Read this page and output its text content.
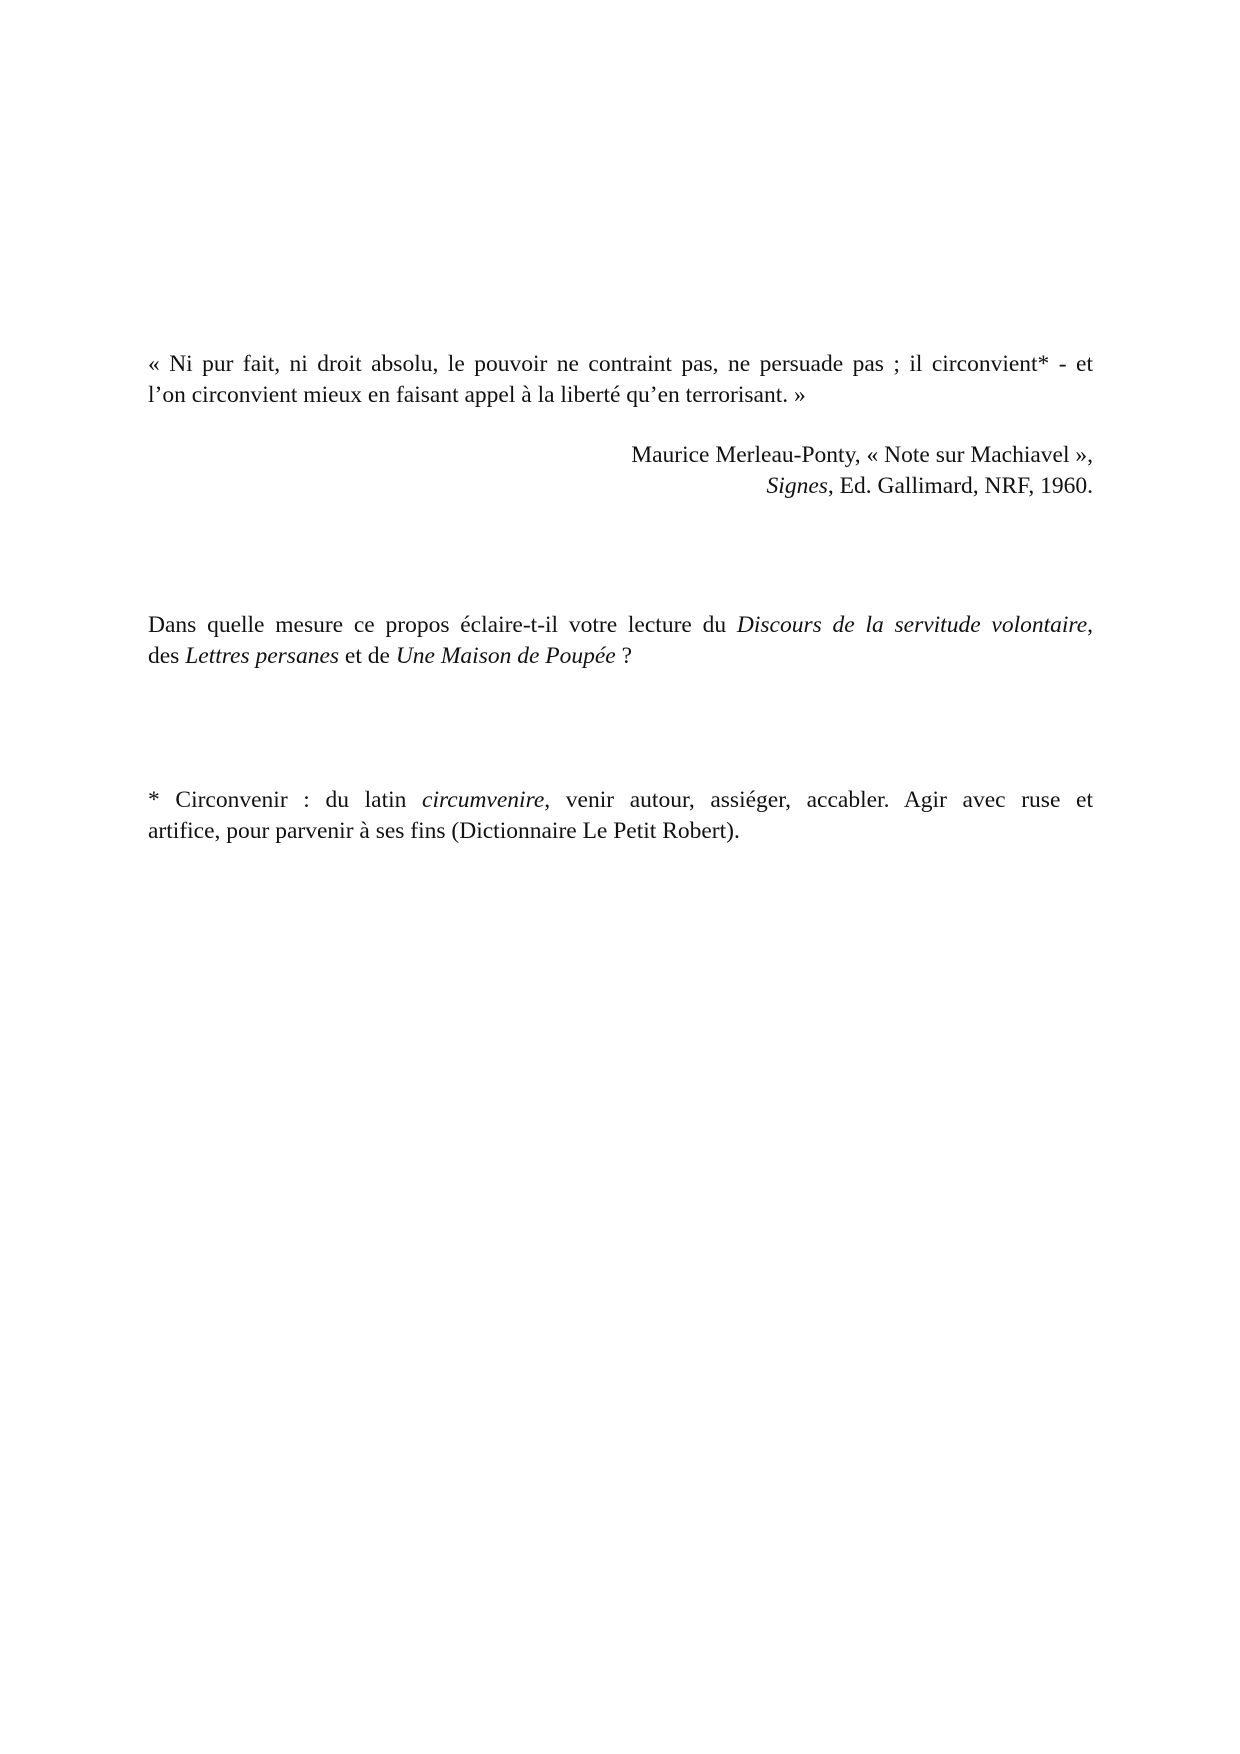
« Ni pur fait, ni droit absolu, le pouvoir ne contraint pas, ne persuade pas ; il circonvient* - et
l’on circonvient mieux en faisant appel à la liberté qu’en terrorisant. »
Maurice Merleau-Ponty, « Note sur Machiavel »,
Signes, Ed. Gallimard, NRF, 1960.
Dans quelle mesure ce propos éclaire-t-il votre lecture du Discours de la servitude volontaire,
des Lettres persanes et de Une Maison de Poupée ?
* Circonvenir : du latin circumvenire, venir autour, assiéger, accabler. Agir avec ruse et
artifice, pour parvenir à ses fins (Dictionnaire Le Petit Robert).
